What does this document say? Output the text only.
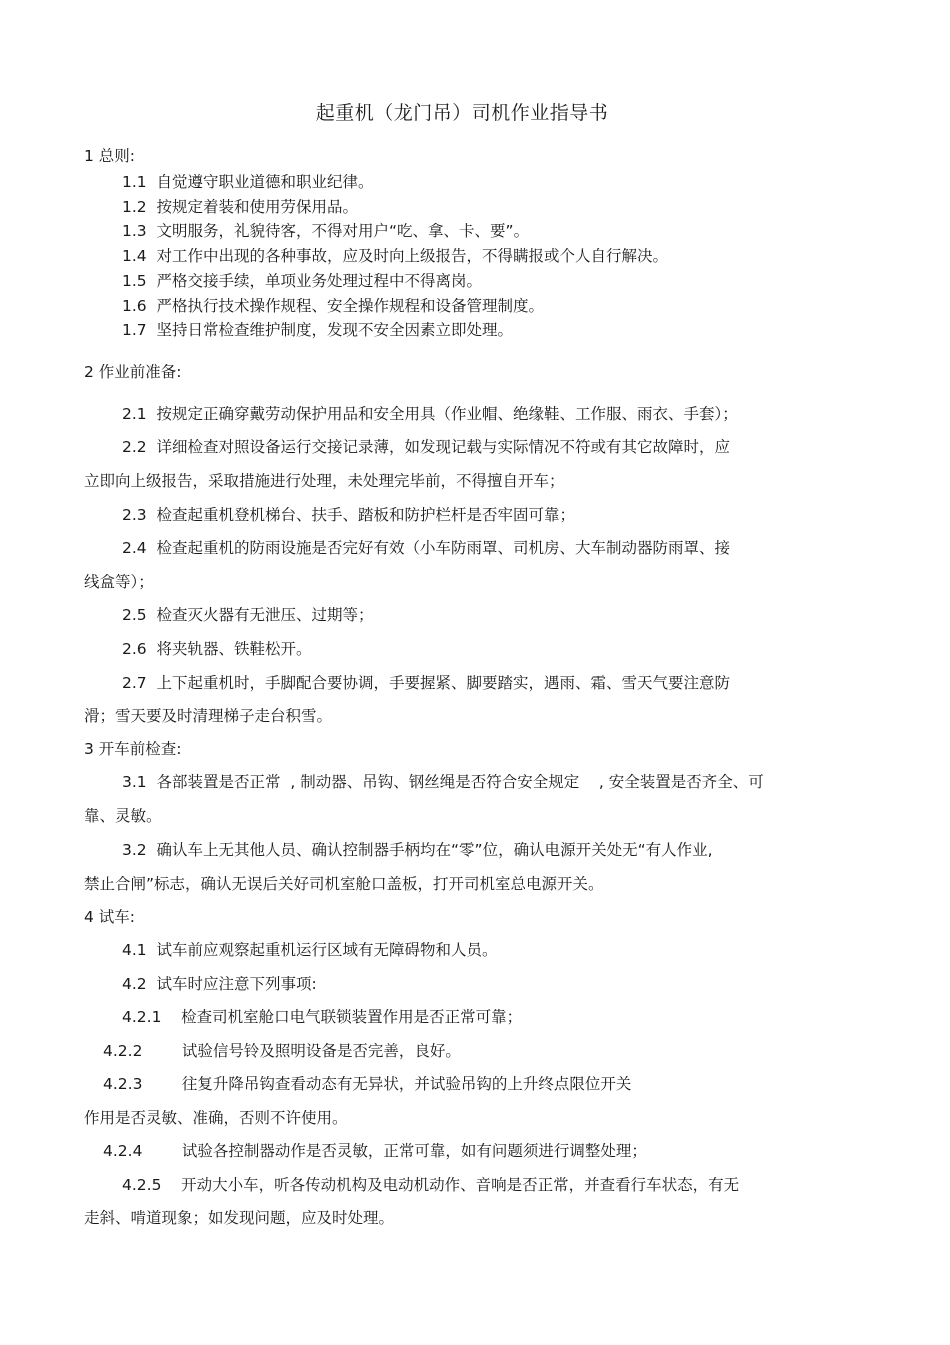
起重机（龙门吊）司机作业指导书
1 总则:
1.1  自觉遵守职业道德和职业纪律。
1.2  按规定着装和使用劳保用品。
1.3  文明服务，礼貌待客，不得对用户“吃、拿、卡、要”。
1.4  对工作中出现的各种事故，应及时向上级报告，不得瞒报或个人自行解决。
1.5  严格交接手续，单项业务处理过程中不得离岗。
1.6  严格执行技术操作规程、安全操作规程和设备管理制度。
1.7  坚持日常检查维护制度，发现不安全因素立即处理。
2 作业前准备:
2.1  按规定正确穿戴劳动保护用品和安全用具（作业帽、绝缘鞋、工作服、雨衣、手套）；
2.2  详细检查对照设备运行交接记录薄，如发现记载与实际情况不符或有其它故障时，应
立即向上级报告，采取措施进行处理，未处理完毕前，不得擅自开车；
2.3  检查起重机登机梯台、扶手、踏板和防护栏杆是否牢固可靠；
2.4  检查起重机的防雨设施是否完好有效（小车防雨罩、司机房、大车制动器防雨罩、接
线盒等）；
2.5  检查灭火器有无泄压、过期等；
2.6  将夹轨器、铁鞋松开。
2.7  上下起重机时，手脚配合要协调，手要握紧、脚要踏实，遇雨、霜、雪天气要注意防
滑；雪天要及时清理梯子走台积雪。
3 开车前检查:
3.1  各部装置是否正常  , 制动器、吊钩、钢丝绳是否符合安全规定    , 安全装置是否齐全、可
靠、灵敏。
3.2  确认车上无其他人员、确认控制器手柄均在“零”位，确认电源开关处无“有人作业,
禁止合闸”标志，确认无误后关好司机室舱口盖板，打开司机室总电源开关。
4 试车:
4.1  试车前应观察起重机运行区域有无障碍物和人员。
4.2  试车时应注意下列事项:
4.2.1    检查司机室舱口电气联锁装置作用是否正常可靠；
4.2.2        试验信号铃及照明设备是否完善，良好。
4.2.3        往复升降吊钩查看动态有无异状，并试验吊钩的上升终点限位开关
作用是否灵敏、准确，否则不许使用。
4.2.4        试验各控制器动作是否灵敏，正常可靠，如有问题须进行调整处理；
4.2.5    开动大小车，听各传动机构及电动机动作、音响是否正常，并查看行车状态，有无
走斜、啃道现象；如发现问题，应及时处理。
